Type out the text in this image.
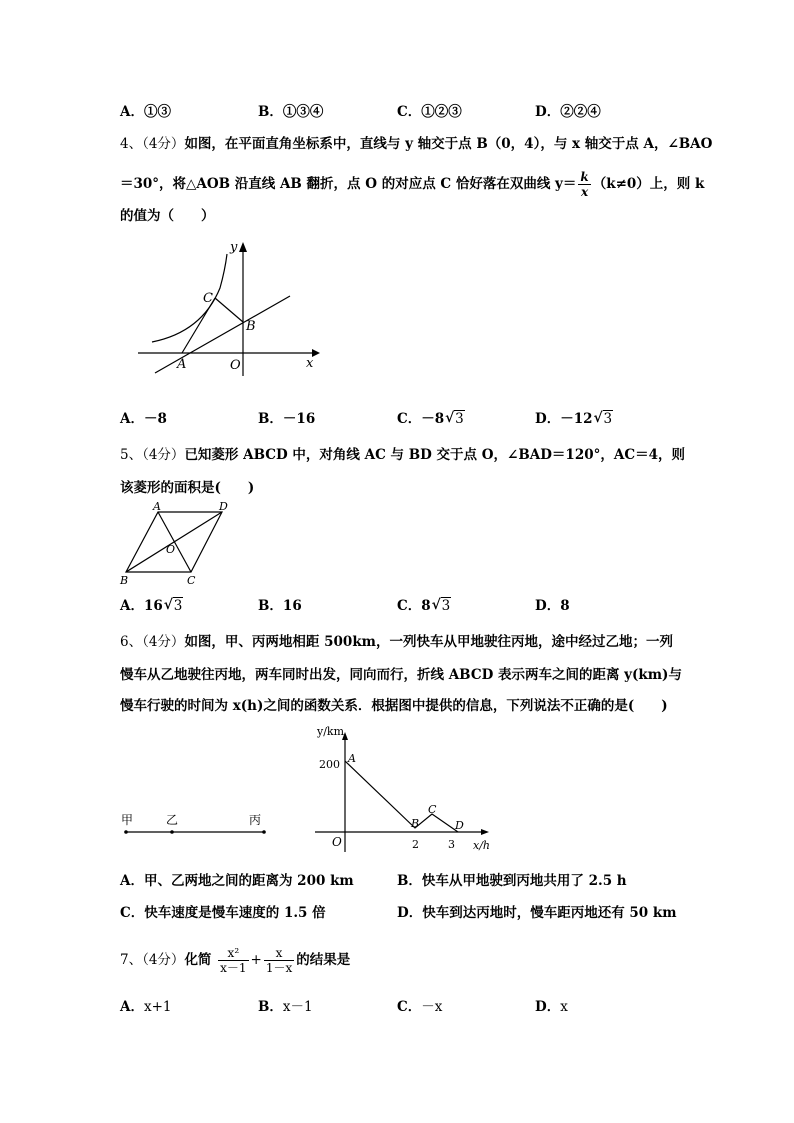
A．①③	B．①③④	C．①②③	D．②②④
4、（4分）如图，在平面直角坐标系中，直线与 y 轴交于点 B（0，4），与 x 轴交于点 A，∠BAO
＝30°，将△AOB 沿直线 AB 翻折，点 O 的对应点 C 恰好落在双曲线 $y= \frac{k}{x} (k\ne 0)$上，则 k
的值为（　　）
y
C
B
A	O	x
A．－8	B．－16	C．－8 √ 3	D．－12 √ 3
5、（4分）已知菱形 ABCD 中，对角线 AC 与 BD 交于点 O，∠BAD＝120°，AC＝4，则
该菱形的面积是(　　)
A	D
O
B	C
A．16 √ 3	B．16	C．8 √ 3	D．8
6、（4分）如图，甲、丙两地相距 500km，一列快车从甲地驶往丙地，途中经过乙地；一列
慢车从乙地驶往丙地，两车同时出发，同向而行，折线 ABCD 表示两车之间的距离 y(km)与
慢车行驶的时间为 x(h)之间的函数关系．根据图中提供的信息，下列说法不正确的是(　　)
甲	乙	丙
y/km
200 A
B
C
D
O	2	3 x/h
A．甲、乙两地之间的距离为 200 km	B．快车从甲地驶到丙地共用了 2.5 h
C．快车速度是慢车速度的 1.5 倍	D．快车到达丙地时，慢车距丙地还有 50 km
7、（4分）化简 $\frac{\text{x²}}{x-1} + \frac{x}{1-x}$ 的结果是
A．x+1	B．x－1	C．－x	D．x
